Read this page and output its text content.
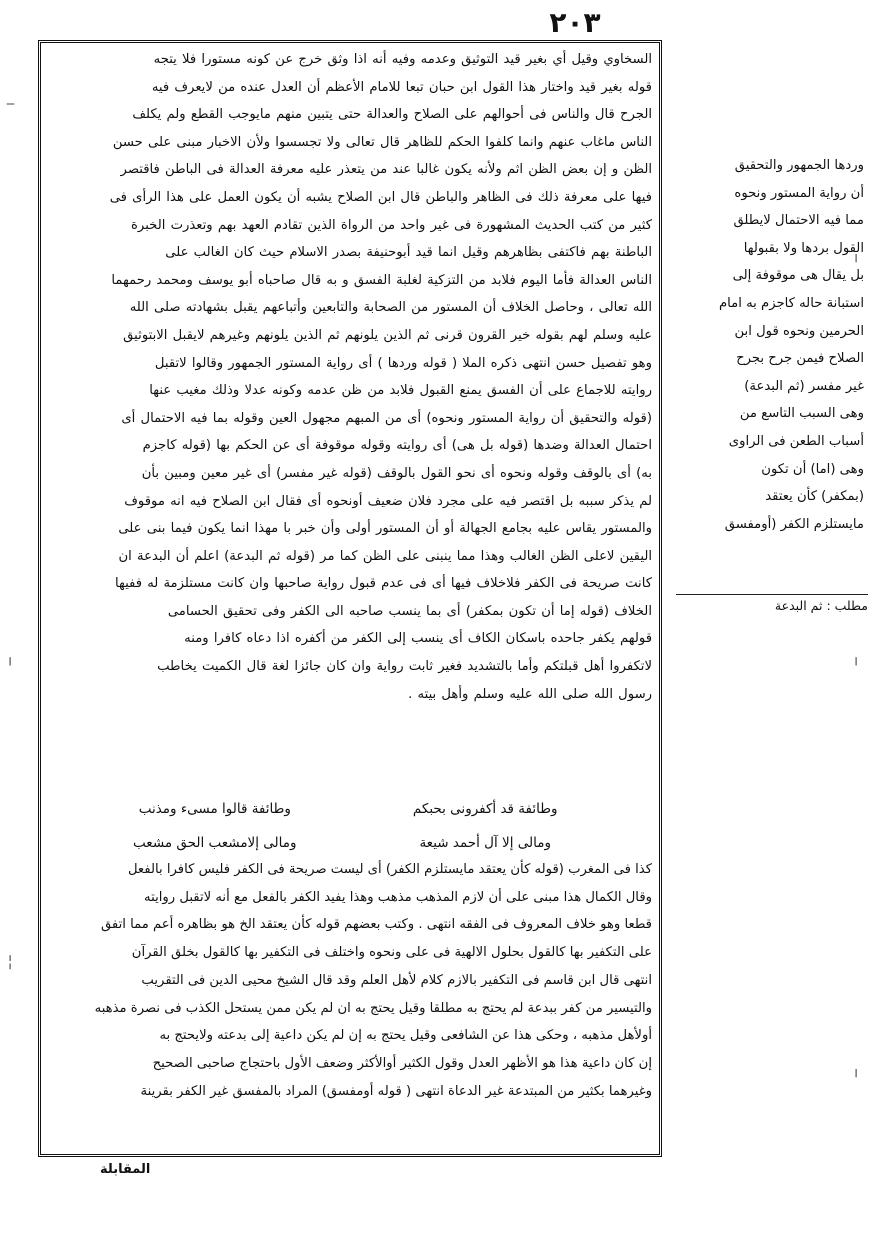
٢٠٣

السخاوي وقيل أي بغير قيد التوثيق وعدمه وفيه أنه اذا وثق خرج عن كونه مستورا فلا يتجه

قوله بغير قيد واختار هذا القول ابن حبان تبعا للامام الأعظم أن العدل عنده من لايعرف فيه

الجرح قال والناس فى أحوالهم على الصلاح والعدالة حتى يتبين منهم مايوجب القطع ولم يكلف

الناس ماغاب عنهم وانما كلفوا الحكم للظاهر قال تعالى ولا تجسسوا ولأن الاخبار مبنى على حسن

الظن و إن بعض الظن اثم ولأنه يكون غالبا عند من يتعذر عليه معرفة العدالة فى الباطن فاقتصر

فيها على معرفة ذلك فى الظاهر والباطن قال ابن الصلاح يشبه أن يكون العمل على هذا الرأى فى

كثير من كتب الحديث المشهورة فى غير واحد من الرواة الذين تقادم العهد بهم وتعذرت الخبرة

الباطنة بهم فاكتفى بظاهرهم وقيل انما قيد أبوحنيفة بصدر الاسلام حيث كان الغالب على

الناس العدالة فأما اليوم فلابد من التزكية لغلبة الفسق و به قال صاحباه أبو يوسف ومحمد رحمهما

الله تعالى ، وحاصل الخلاف أن المستور من الصحابة والتابعين وأتباعهم يقبل بشهادته صلى الله

عليه وسلم لهم بقوله خير القرون قرنى ثم الذين يلونهم ثم الذين يلونهم وغيرهم لايقبل الابتوثيق

وهو تفصيل حسن انتهى ذكره الملا ( قوله وردها ) أى رواية المستور الجمهور وقالوا لاتقبل

روايته للاجماع على أن الفسق يمنع القبول فلابد من ظن عدمه وكونه عدلا وذلك مغيب عنها

(قوله والتحقيق أن رواية المستور ونحوه) أى من المبهم مجهول العين وقوله بما فيه الاحتمال أى

احتمال العدالة وضدها (قوله بل هى) أى روايته وقوله موقوفة أى عن الحكم بها (قوله كاجزم

به) أى بالوقف وقوله ونحوه أى نحو القول بالوقف (قوله غير مفسر) أى غير معين ومبين بأن

لم يذكر سببه بل اقتصر فيه على مجرد فلان ضعيف أونحوه أى فقال ابن الصلاح فيه انه موقوف

والمستور يقاس عليه بجامع الجهالة أو أن المستور أولى وأن خبر با مهذا انما يكون فيما بنى على

اليقين لاعلى الظن الغالب وهذا مما ينبنى على الظن كما مر (قوله ثم البدعة) اعلم أن البدعة ان

كانت صريحة فى الكفر فلاخلاف فيها أى فى عدم قبول رواية صاحبها وان كانت مستلزمة له ففيها

الخلاف (قوله إما أن تكون بمكفر) أى بما ينسب صاحبه الى الكفر وفى تحقيق الحسامى

قولهم يكفر جاحده باسكان الكاف أى ينسب إلى الكفر من أكفره اذا دعاه كافرا ومنه

لاتكفروا أهل قبلتكم وأما بالتشديد فغير ثابت رواية وان كان جائزا لغة قال الكميت يخاطب

رسول الله صلى الله عليه وسلم وأهل بيته .

وطائفة قد أكفرونى بحبكم
وطائفة قالوا مسىء ومذنب
ومالى إلا آل أحمد شيعة
ومالى إلامشعب الحق مشعب

كذا فى المغرب (قوله كأن يعتقد مايستلزم الكفر) أى ليست صريحة فى الكفر فليس كافرا بالفعل

وقال الكمال هذا مبنى على أن لازم المذهب مذهب وهذا يفيد الكفر بالفعل مع أنه لاتقبل روايته

قطعا وهو خلاف المعروف فى الفقه انتهى . وكتب بعضهم قوله كأن يعتقد الخ هو بظاهره أعم مما اتفق

على التكفير بها كالقول بحلول الالهية فى على ونحوه واختلف فى التكفير بها كالقول بخلق القرآن

انتهى قال ابن قاسم فى التكفير بالازم كلام لأهل العلم وقد قال الشيخ محيى الدين فى التقريب

والتيسير من كفر ببدعة لم يحتج به مطلقا وقيل يحتج به ان لم يكن ممن يستحل الكذب فى نصرة مذهبه

أولأهل مذهبه ، وحكى هذا عن الشافعى وقيل يحتج به إن لم يكن داعية إلى بدعته ولايحتج به

إن كان داعية هذا هو الأظهر العدل وقول الكثير أوالأكثر وضعف الأول باحتجاج صاحبى الصحيح

وغيرهما بكثير من المبتدعة غير الدعاة انتهى ( قوله أومفسق) المراد بالمفسق غير الكفر بقرينة

المقابلة
وردها الجمهور والتحقيق
أن رواية المستور ونحوه
مما فيه الاحتمال لايطلق
القول بردها ولا بقبولها
بل يقال هى موقوفة إلى
استبانة حاله كاجزم به امام
الحرمين ونحوه قول ابن
الصلاح فيمن جرح بجرح
غير مفسر (ثم البدعة)
وهى السبب التاسع من
أسباب الطعن فى الراوى
وهى (اما) أن تكون
(بمكفر) كأن يعتقد
مايستلزم الكفر (أومفسق
مطلب : ثم البدعة
‒
╷
╎
╵
╷
╵
